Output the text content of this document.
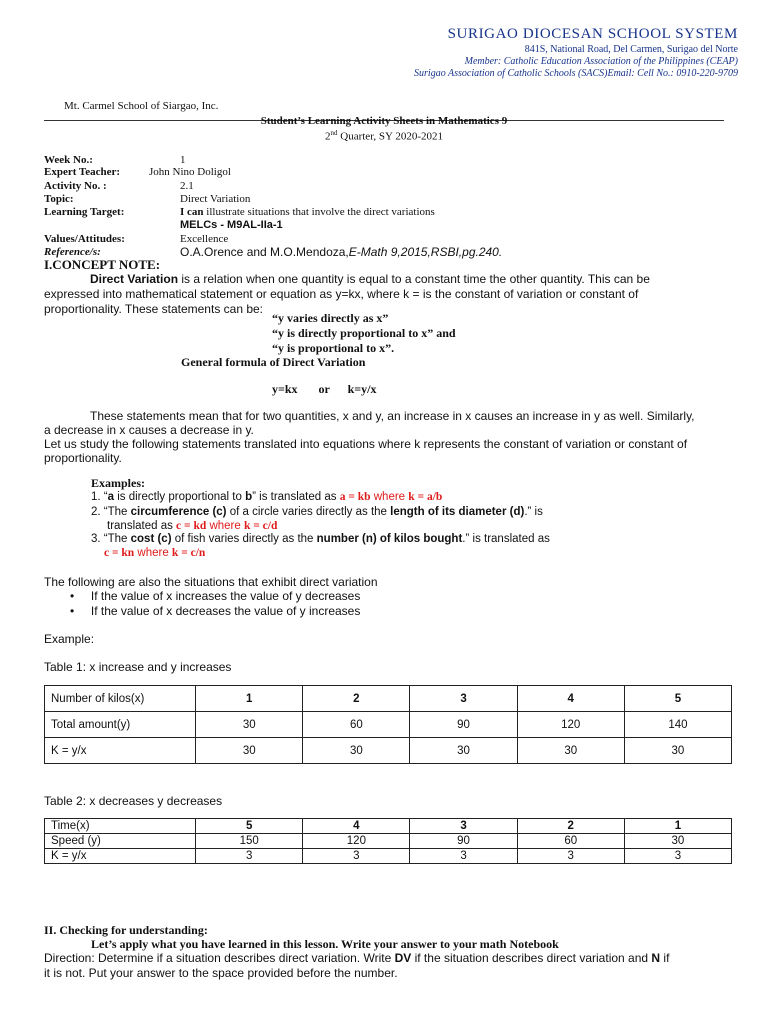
SURIGAO DIOCESAN SCHOOL SYSTEM
841S, National Road, Del Carmen, Surigao del Norte
Member: Catholic Education Association of the Philippines (CEAP)
Surigao Association of Catholic Schools (SACS)Email: Cell No.: 0910-220-9709
Mt. Carmel School of Siargao, Inc.
Student’s Learning Activity Sheets in Mathematics 9
2nd Quarter, SY 2020-2021
Week No.:	1
Expert Teacher:	John Nino Doligol
Activity No. :	2.1
Topic:	Direct Variation
Learning Target:	I can illustrate situations that involve the direct variations
MELCs - M9AL-IIa-1
Values/Attitudes:	Excellence
Reference/s:	O.A.Orence and M.O.Mendoza,E-Math 9,2015,RSBI,pg.240.
I.CONCEPT NOTE:
Direct Variation is a relation when one quantity is equal to a constant time the other quantity. This can be
expressed into mathematical statement or equation as y=kx, where k = is the constant of variation or constant of
proportionality. These statements can be:
“y varies directly as x”
“y is directly proportional to x” and
“y is proportional to x”.
General formula of Direct Variation
y=kx       or      k=y/x
These statements mean that for two quantities, x and y, an increase in x causes an increase in y as well. Similarly,
a decrease in x causes a decrease in y.
Let us study the following statements translated into equations where k represents the constant of variation or constant of
proportionality.
Examples:
1. “a is directly proportional to b” is translated as a = kb where k = a/b
2. “The circumference (c) of a circle varies directly as the length of its diameter (d).” is
translated as c = kd where k = c/d
3. “The cost (c) of fish varies directly as the number (n) of kilos bought.” is translated as
c = kn where k = c/n
The following are also the situations that exhibit direct variation
•     If the value of x increases the value of y decreases
•     If the value of x decreases the value of y increases
Example:
Table 1: x increase and y increases
Number of kilos(x)	1	2	3	4	5
Total amount(y)	30	60	90	120	140
K = y/x	30	30	30	30	30
Table 2: x decreases y decreases
Time(x)	5	4	3	2	1
Speed (y)	150	120	90	60	30
K = y/x	3	3	3	3	3
II. Checking for understanding:
Let’s apply what you have learned in this lesson. Write your answer to your math Notebook
Direction: Determine if a situation describes direct variation. Write DV if the situation describes direct variation and N if
it is not. Put your answer to the space provided before the number.
